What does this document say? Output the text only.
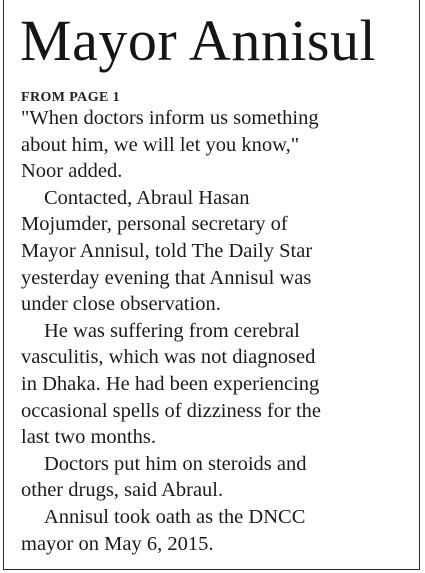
Mayor Annisul
FROM PAGE 1
"When doctors inform us something
about him, we will let you know,"
Noor added.
Contacted, Abraul Hasan
Mojumder, personal secretary of
Mayor Annisul, told The Daily Star
yesterday evening that Annisul was
under close observation.
He was suffering from cerebral
vasculitis, which was not diagnosed
in Dhaka. He had been experiencing
occasional spells of dizziness for the
last two months.
Doctors put him on steroids and
other drugs, said Abraul.
Annisul took oath as the DNCC
mayor on May 6, 2015.
